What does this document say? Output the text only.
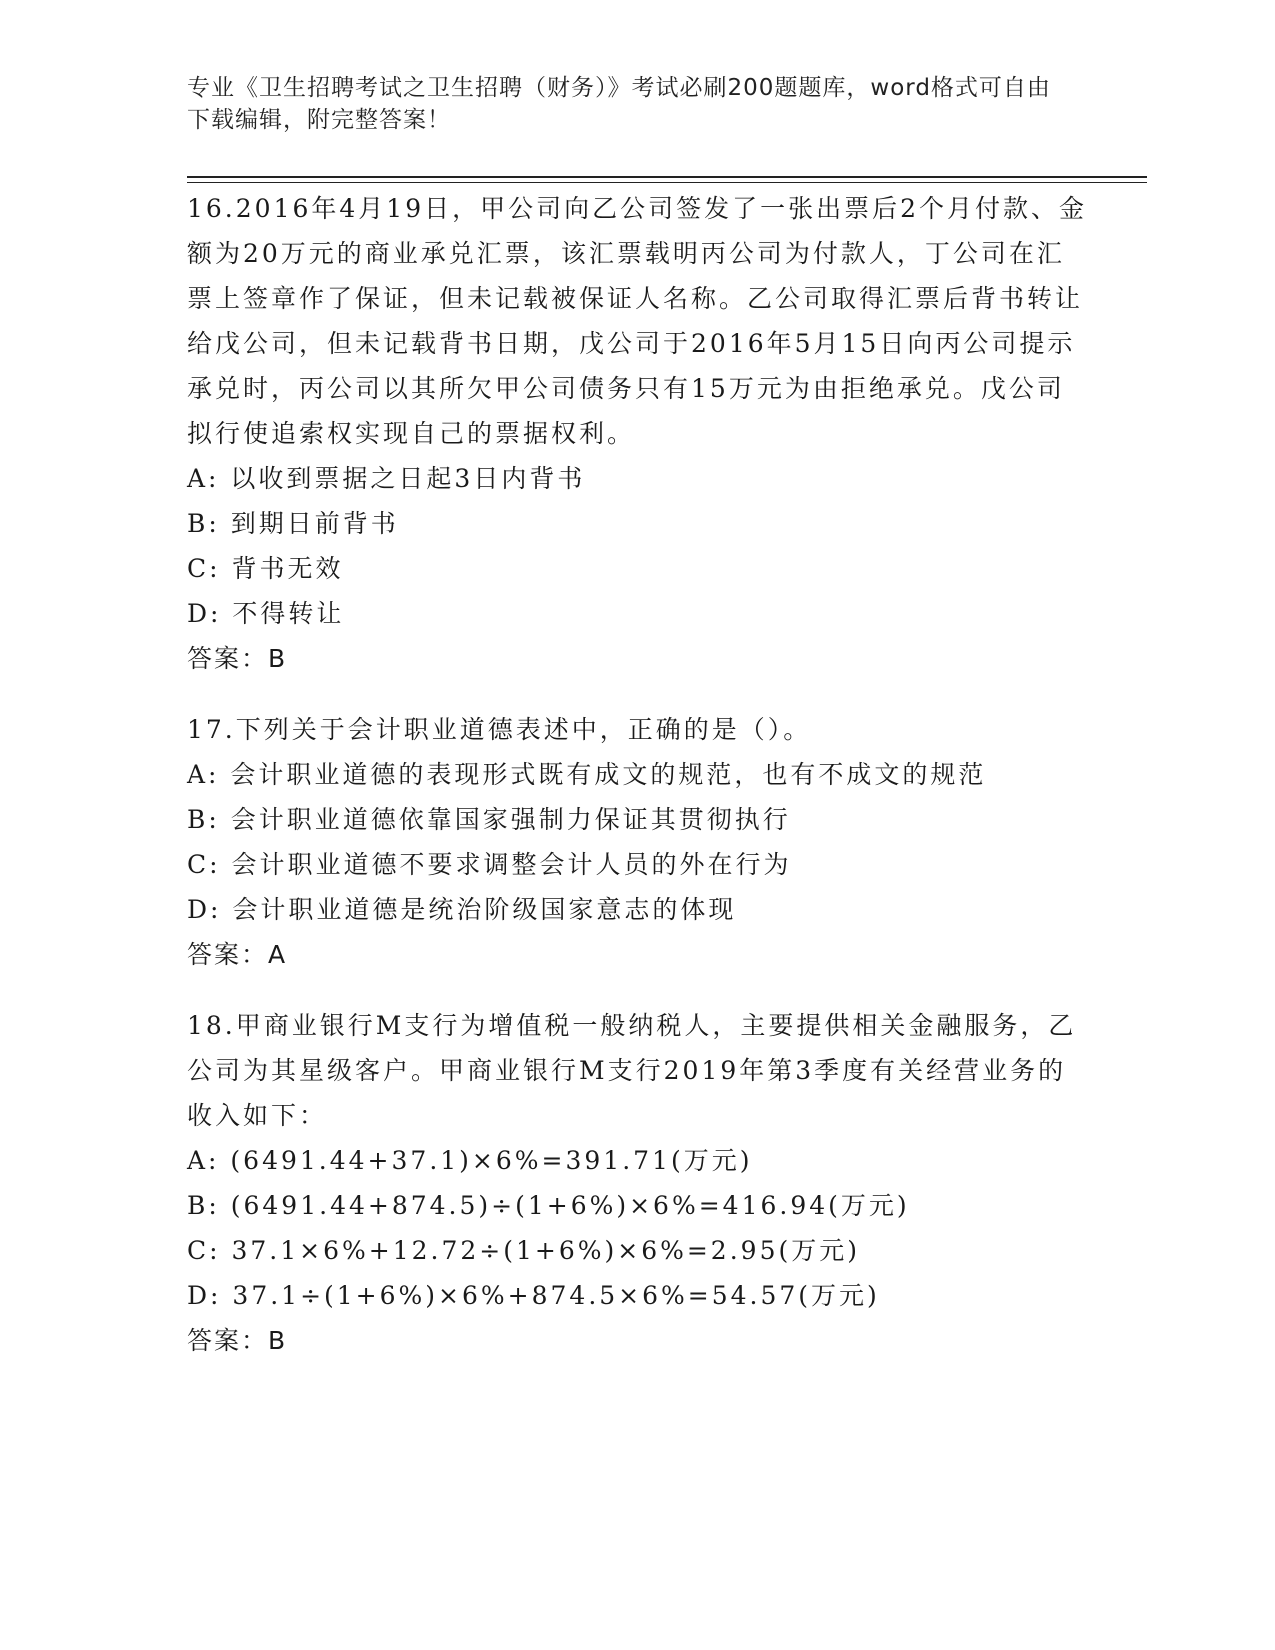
专业《卫生招聘考试之卫生招聘（财务）》考试必刷200题题库，word格式可自由下载编辑，附完整答案！

16.2016年4月19日，甲公司向乙公司签发了一张出票后2个月付款、金额为20万元的商业承兑汇票，该汇票载明丙公司为付款人，丁公司在汇票上签章作了保证，但未记载被保证人名称。乙公司取得汇票后背书转让给戊公司，但未记载背书日期，戊公司于2016年5月15日向丙公司提示承兑时，丙公司以其所欠甲公司债务只有15万元为由拒绝承兑。戊公司拟行使追索权实现自己的票据权利。

A: 以收到票据之日起3日内背书

B: 到期日前背书

C: 背书无效

D: 不得转让

答案：B

17.下列关于会计职业道德表述中，正确的是（）。

A: 会计职业道德的表现形式既有成文的规范，也有不成文的规范

B: 会计职业道德依靠国家强制力保证其贯彻执行

C: 会计职业道德不要求调整会计人员的外在行为

D: 会计职业道德是统治阶级国家意志的体现

答案：A

18.甲商业银行M支行为增值税一般纳税人，主要提供相关金融服务，乙公司为其星级客户。甲商业银行M支行2019年第3季度有关经营业务的收入如下：

A: (6491.44+37.1)×6%=391.71(万元)

B: (6491.44+874.5)÷(1+6%)×6%=416.94(万元)

C: 37.1×6%+12.72÷(1+6%)×6%=2.95(万元)

D: 37.1÷(1+6%)×6%+874.5×6%=54.57(万元)

答案：B
